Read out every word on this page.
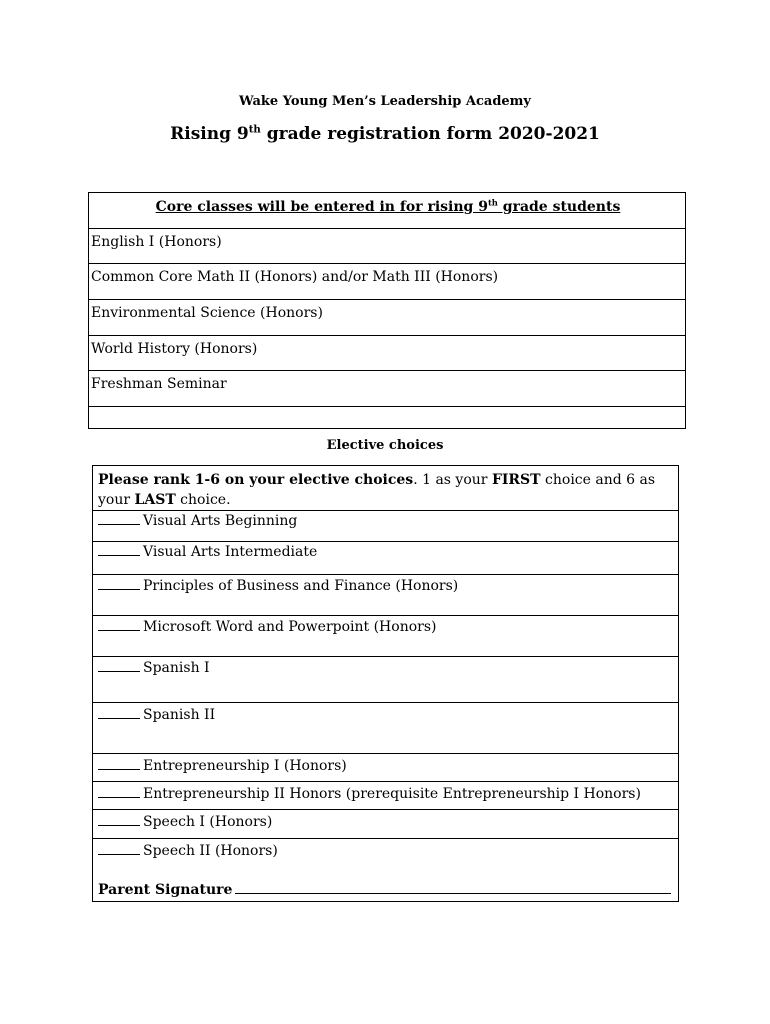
Wake Young Men’s Leadership Academy
Rising 9th grade registration form 2020-2021
Core classes will be entered in for rising 9th grade students
English I (Honors)
Common Core Math II (Honors) and/or Math III (Honors)
Environmental Science (Honors)
World History (Honors)
Freshman Seminar
Elective choices
Please rank 1-6 on your elective choices. 1 as your FIRST choice and 6 as your LAST choice.
Visual Arts Beginning
Visual Arts Intermediate
Principles of Business and Finance (Honors)
Microsoft Word and Powerpoint (Honors)
Spanish I
Spanish II
Entrepreneurship I (Honors)
Entrepreneurship II Honors (prerequisite Entrepreneurship I Honors)
Speech I (Honors)
Speech II (Honors)
Parent Signature
